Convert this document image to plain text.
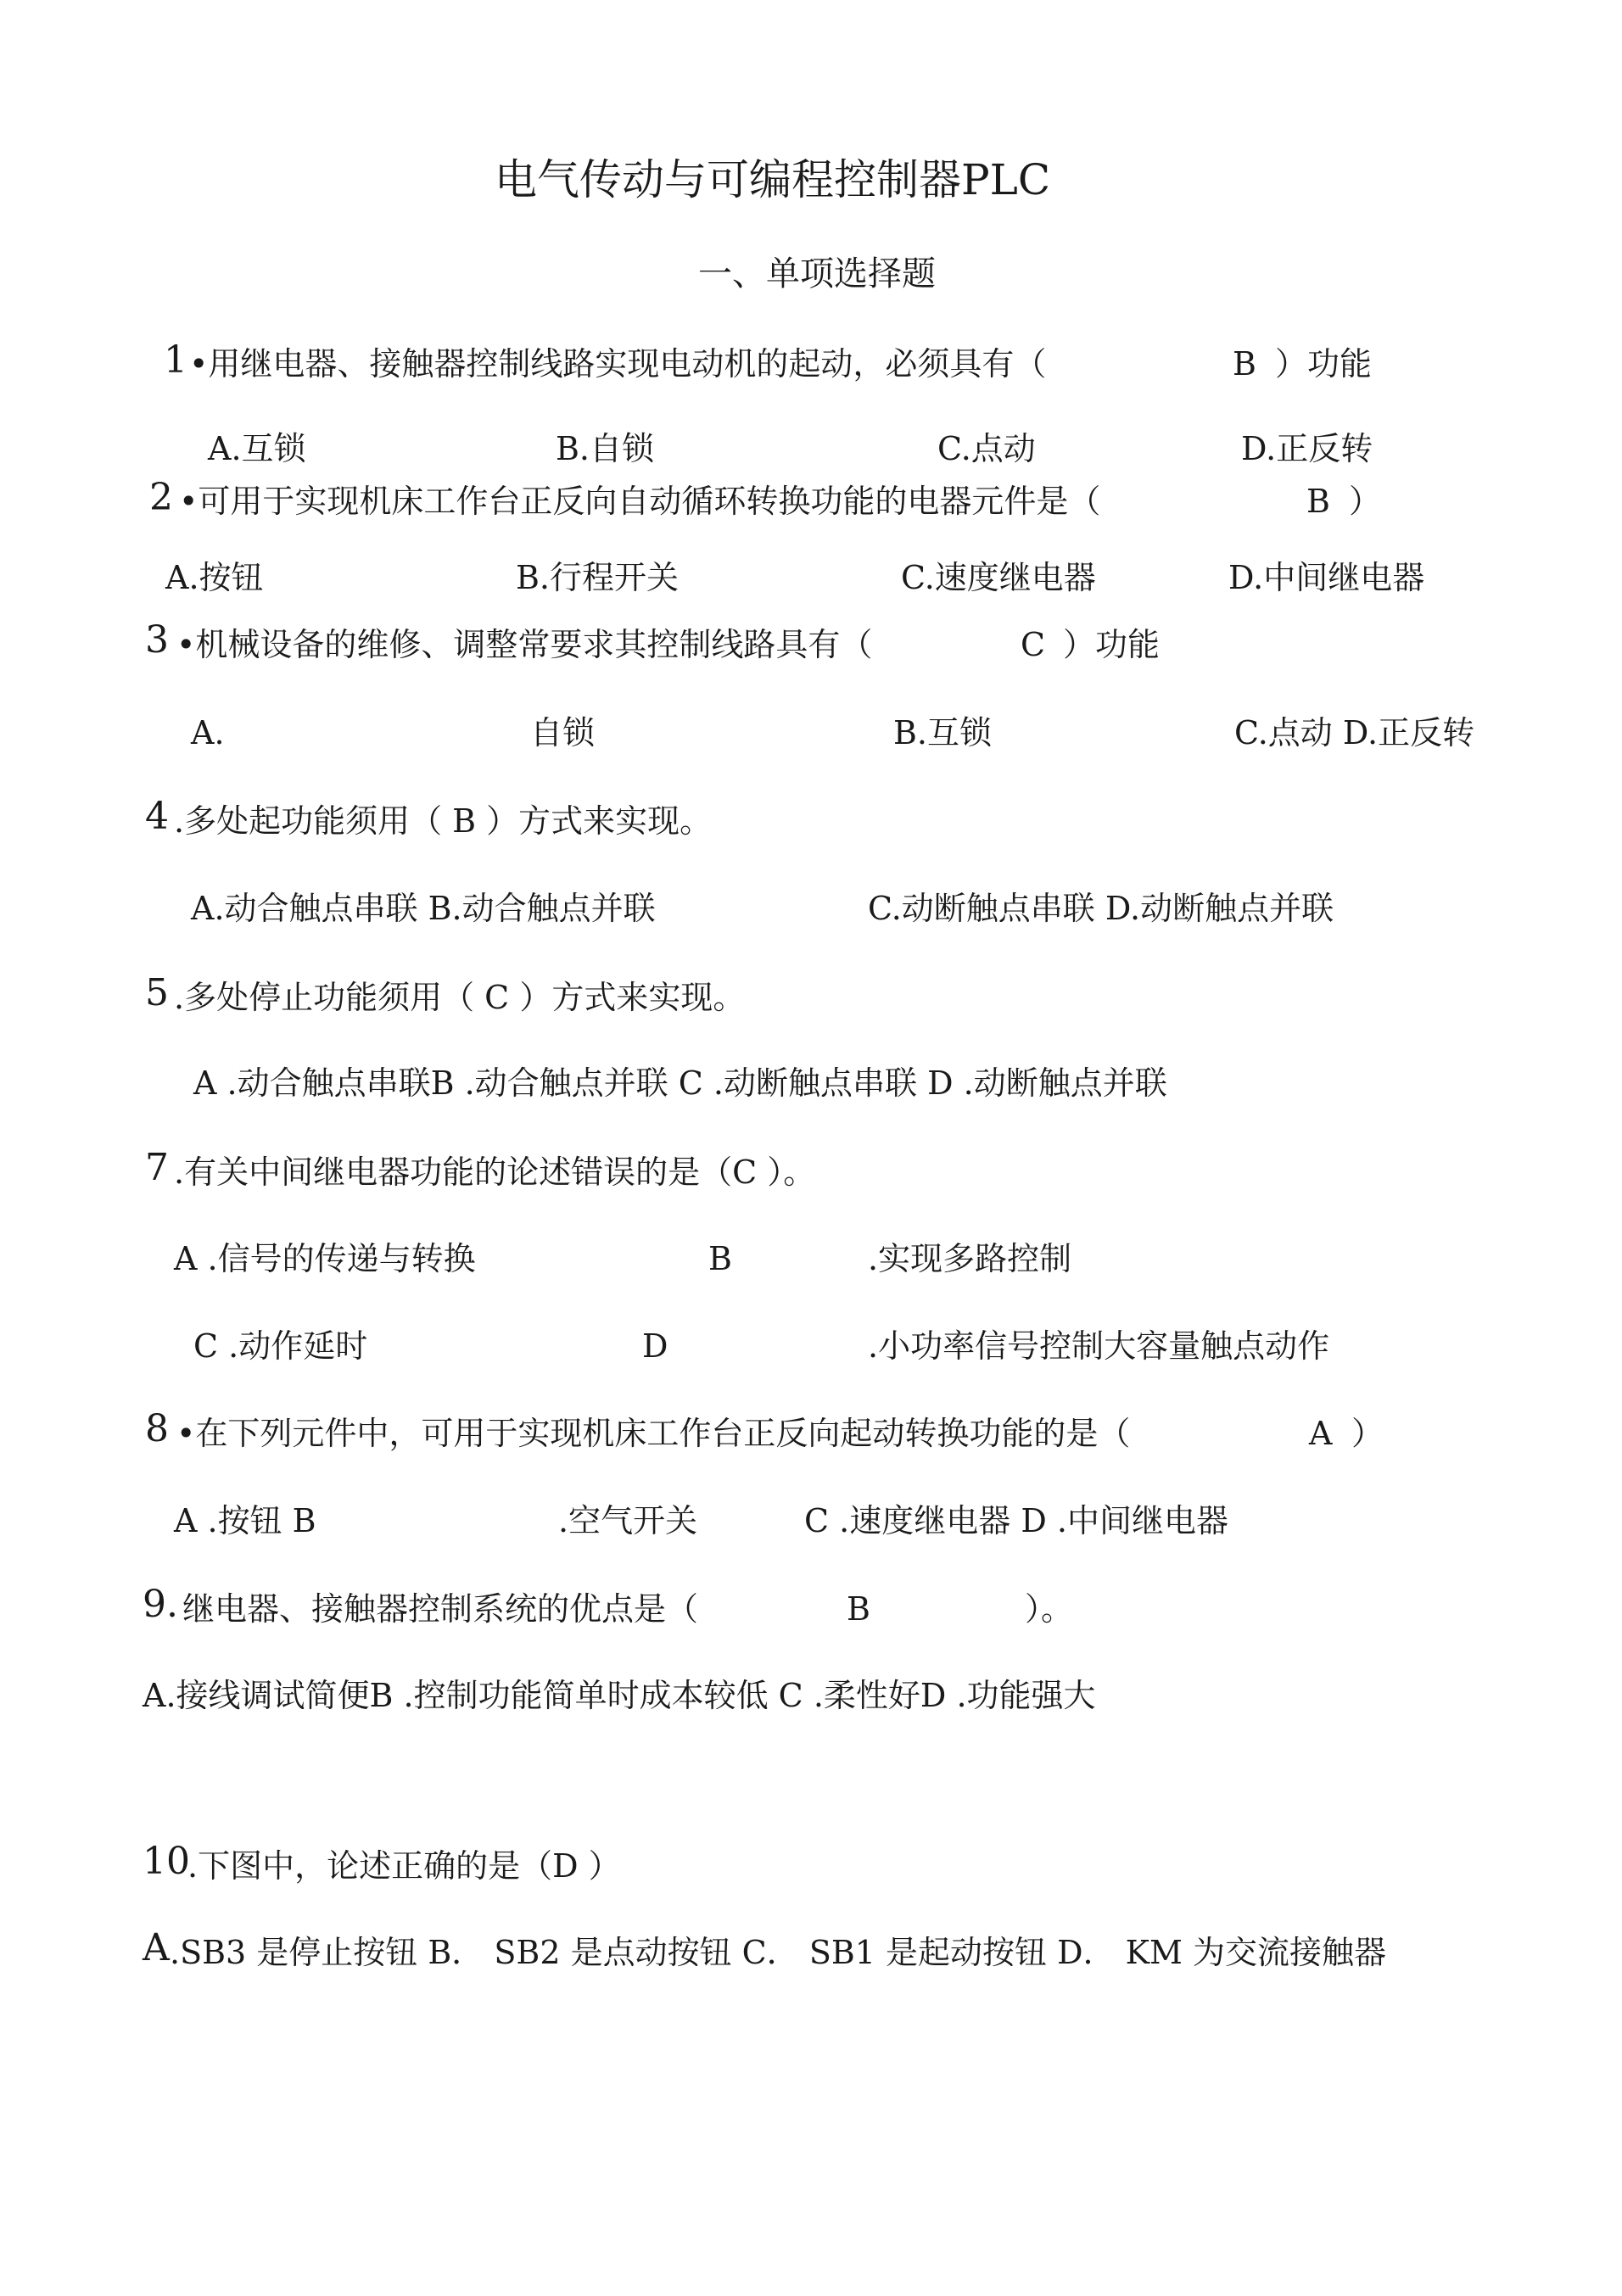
电气传动与可编程控制器PLC
一、单项选择题
1 •用继电器、接触器控制线路实现电动机的起动，必须具有（	B ）功能
A.互锁	B.自锁	C.点动	D.正反转
2 •可用于实现机床工作台正反向自动循环转换功能的电器元件是（	B ）
A.按钮	B.行程开关	C.速度继电器	D.中间继电器
3 •机械设备的维修、调整常要求其控制线路具有（	C ）功能
A.	自锁	B.互锁	C.点动 D.正反转
4 .多处起功能须用（ B ）方式来实现。
A.动合触点串联 B.动合触点并联	C.动断触点串联 D.动断触点并联
5 .多处停止功能须用（ C ）方式来实现。
A .动合触点串联B .动合触点并联 C .动断触点串联 D .动断触点并联
7 .有关中间继电器功能的论述错误的是（C ）。
A .信号的传递与转换	B	.实现多路控制
C .动作延时	D	.小功率信号控制大容量触点动作
8 •在下列元件中，可用于实现机床工作台正反向起动转换功能的是（	A ）
A .按钮 B	.空气开关	C .速度继电器 D .中间继电器
9. 继电器、接触器控制系统的优点是（	B	）。
A.接线调试简便B .控制功能简单时成本较低 C .柔性好D .功能强大
10
.下图中，论述正确的是（D ）
A .SB3 是停止按钮 B． SB2 是点动按钮 C． SB1 是起动按钮 D． KM 为交流接触器
